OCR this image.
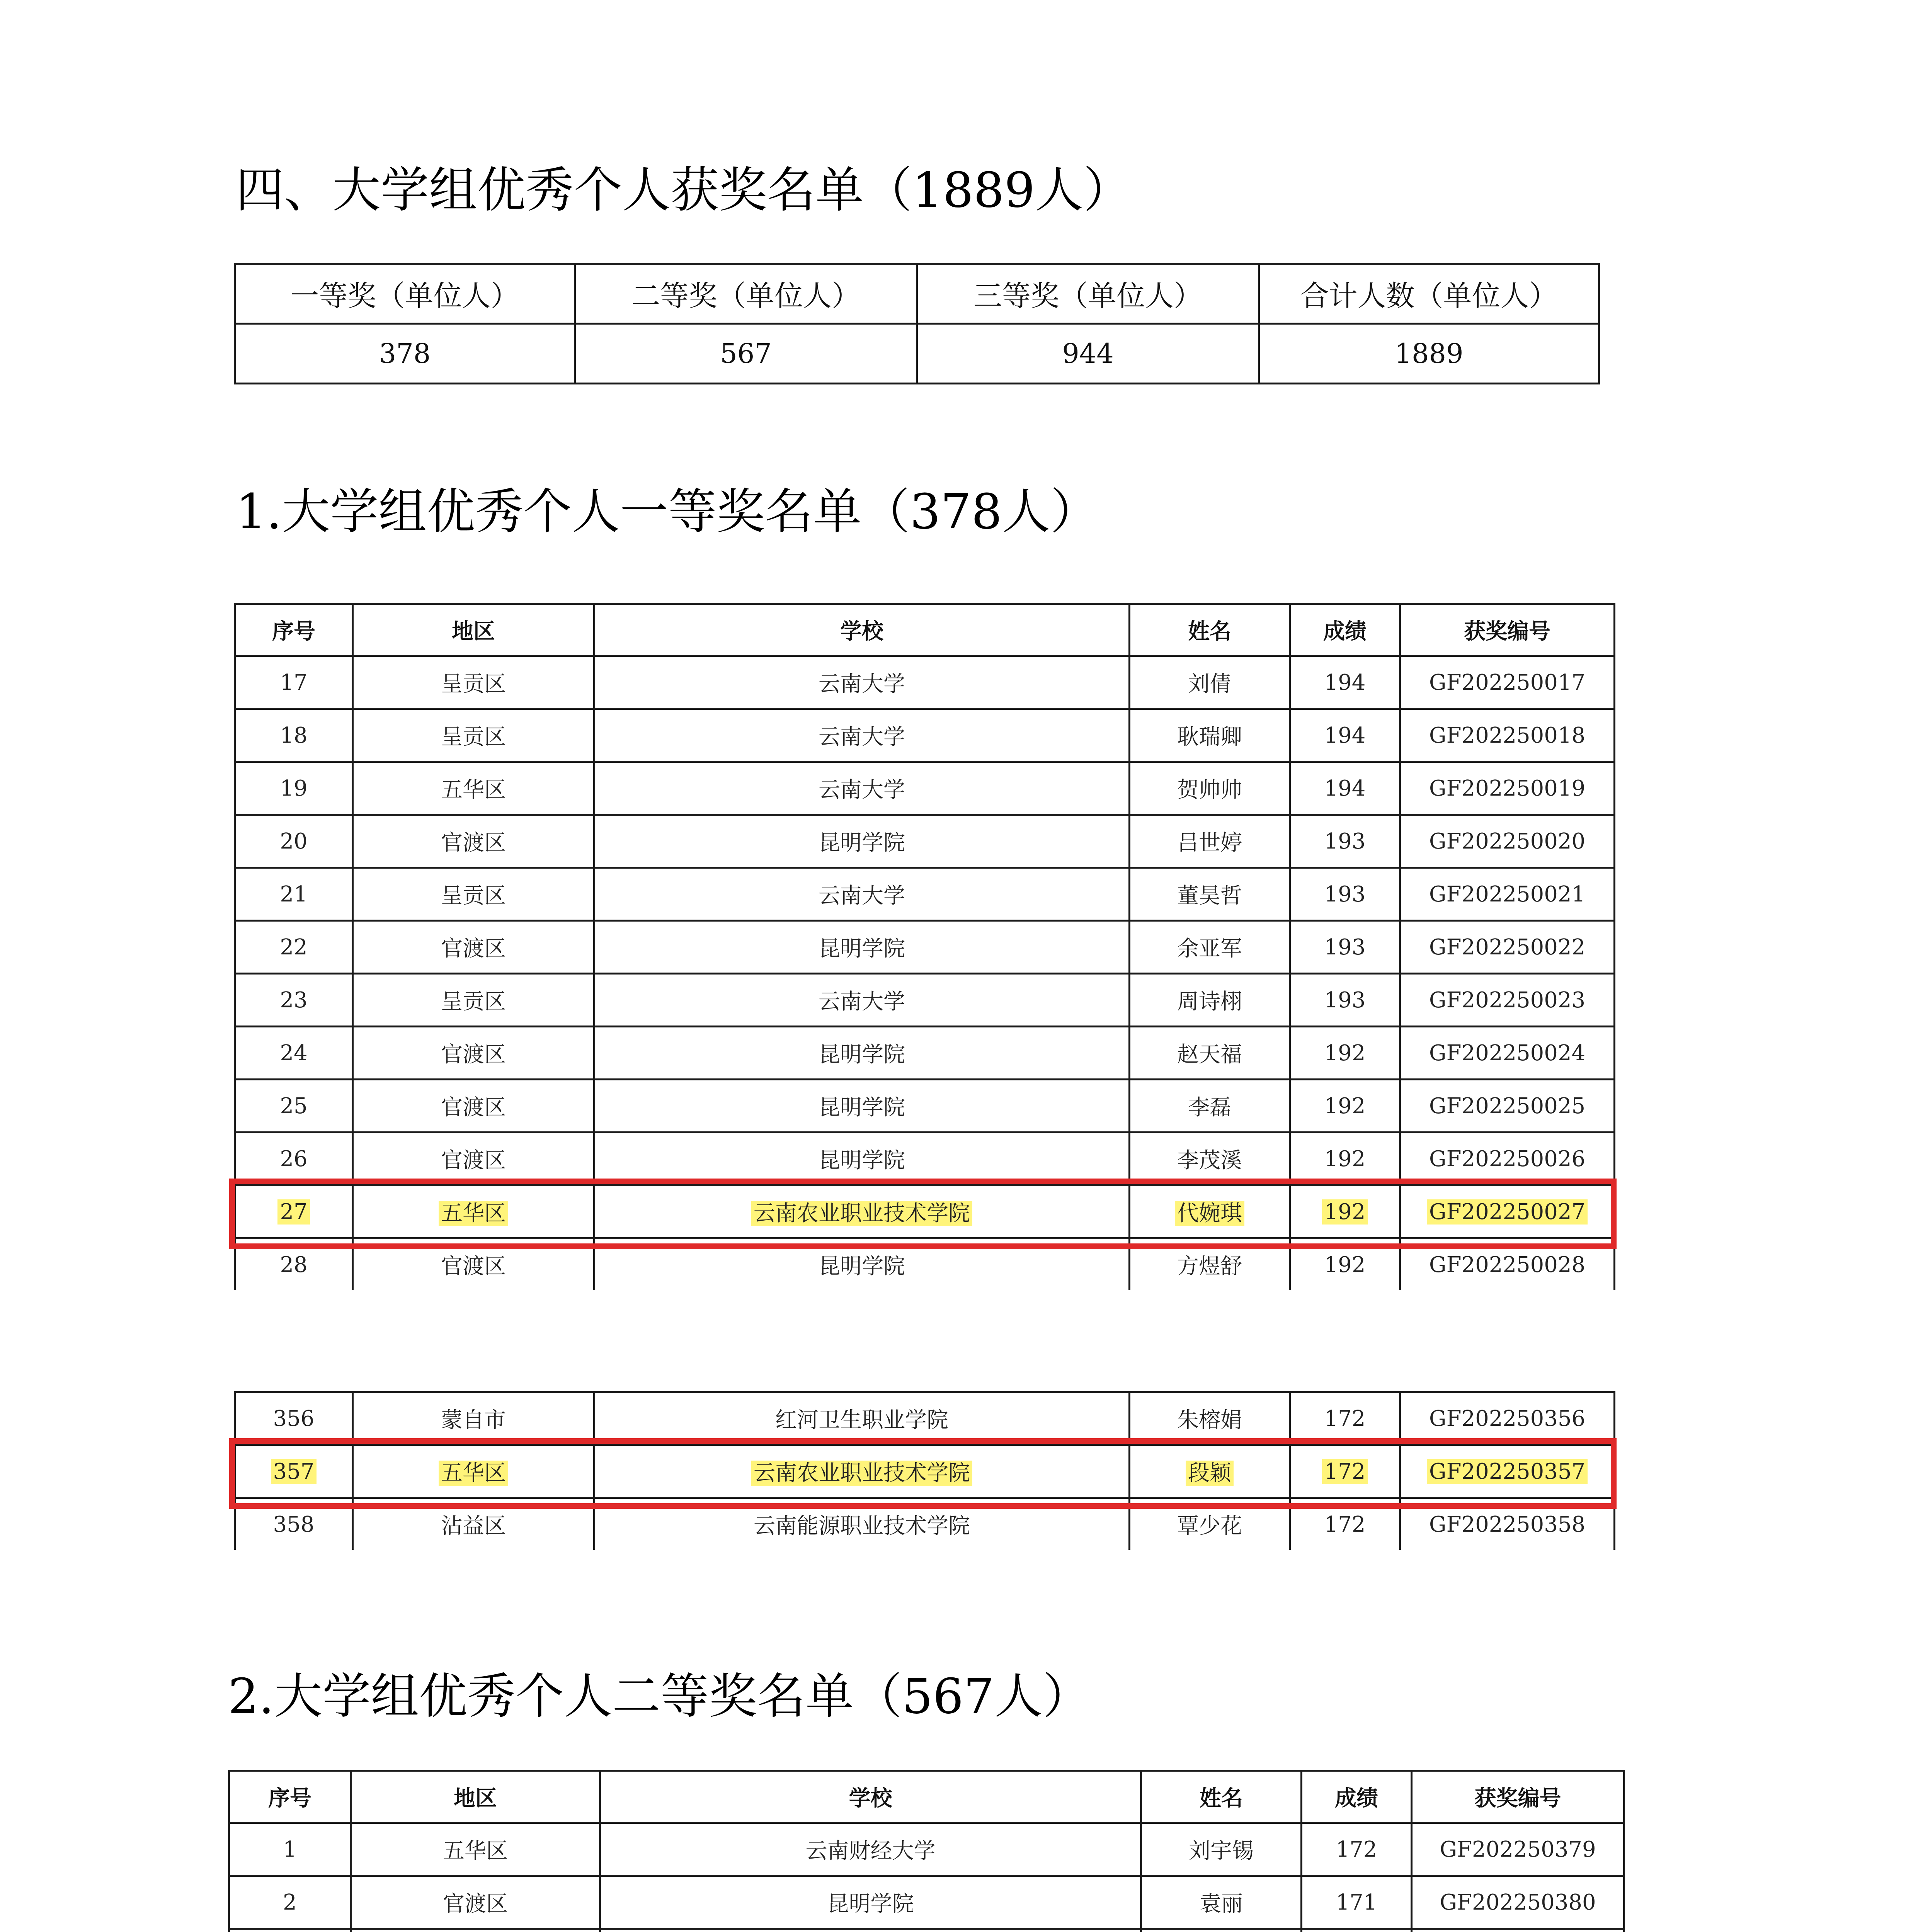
四、大学组优秀个人获奖名单（1889人）
一等奖（单位人）	二等奖（单位人）	三等奖（单位人）	合计人数（单位人）
378	567	944	1889
1.大学组优秀个人一等奖名单（378人）
序号	地区	学校	姓名	成绩	获奖编号
17	呈贡区	云南大学	刘倩	194	GF202250017
18	呈贡区	云南大学	耿瑞卿	194	GF202250018
19	五华区	云南大学	贺帅帅	194	GF202250019
20	官渡区	昆明学院	吕世婷	193	GF202250020
21	呈贡区	云南大学	董昊哲	193	GF202250021
22	官渡区	昆明学院	余亚军	193	GF202250022
23	呈贡区	云南大学	周诗栩	193	GF202250023
24	官渡区	昆明学院	赵天福	192	GF202250024
25	官渡区	昆明学院	李磊	192	GF202250025
26	官渡区	昆明学院	李茂溪	192	GF202250026
27	五华区	云南农业职业技术学院	代婉琪	192	GF202250027
28	官渡区	昆明学院	方煜舒	192	GF202250028
356	蒙自市	红河卫生职业学院	朱榕娟	172	GF202250356
357	五华区	云南农业职业技术学院	段颖	172	GF202250357
358	沾益区	云南能源职业技术学院	覃少花	172	GF202250358
2.大学组优秀个人二等奖名单（567人）
序号	地区	学校	姓名	成绩	获奖编号
1	五华区	云南财经大学	刘宇锡	172	GF202250379
2	官渡区	昆明学院	袁丽	171	GF202250380
